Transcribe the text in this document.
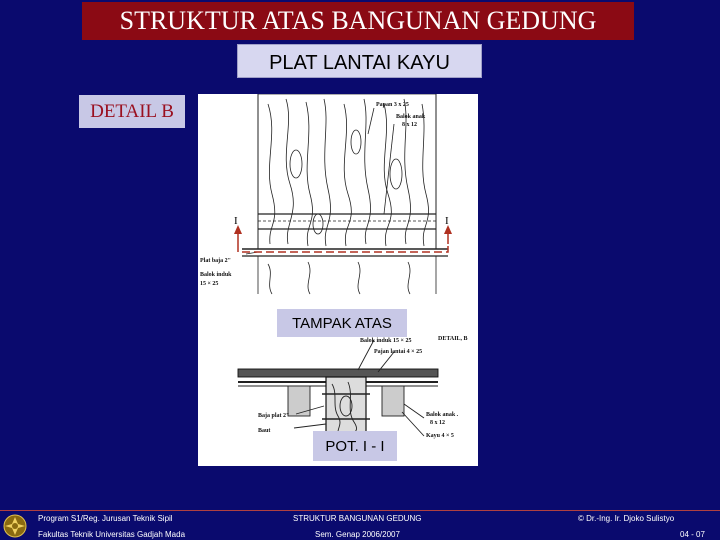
STRUKTUR ATAS BANGUNAN GEDUNG
PLAT LANTAI KAYU
DETAIL B
I	I
Papan 3 x 25
Balok anak
8 x 12
Plat baja 2"
Balok induk
15 × 25
Balok induk 15 × 25	DETAIL, B
Pajan lantai 4 × 25
Baja plat 2"
Baut
Balok anak .
8 x 12
Kayu 4 × 5
TAMPAK ATAS
POT. I - I
Program S1/Reg. Jurusan Teknik Sipil
Fakultas Teknik Universitas Gadjah Mada
STRUKTUR BANGUNAN GEDUNG
Sem. Genap 2006/2007
© Dr.-Ing. Ir. Djoko Sulistyo
04 - 07
